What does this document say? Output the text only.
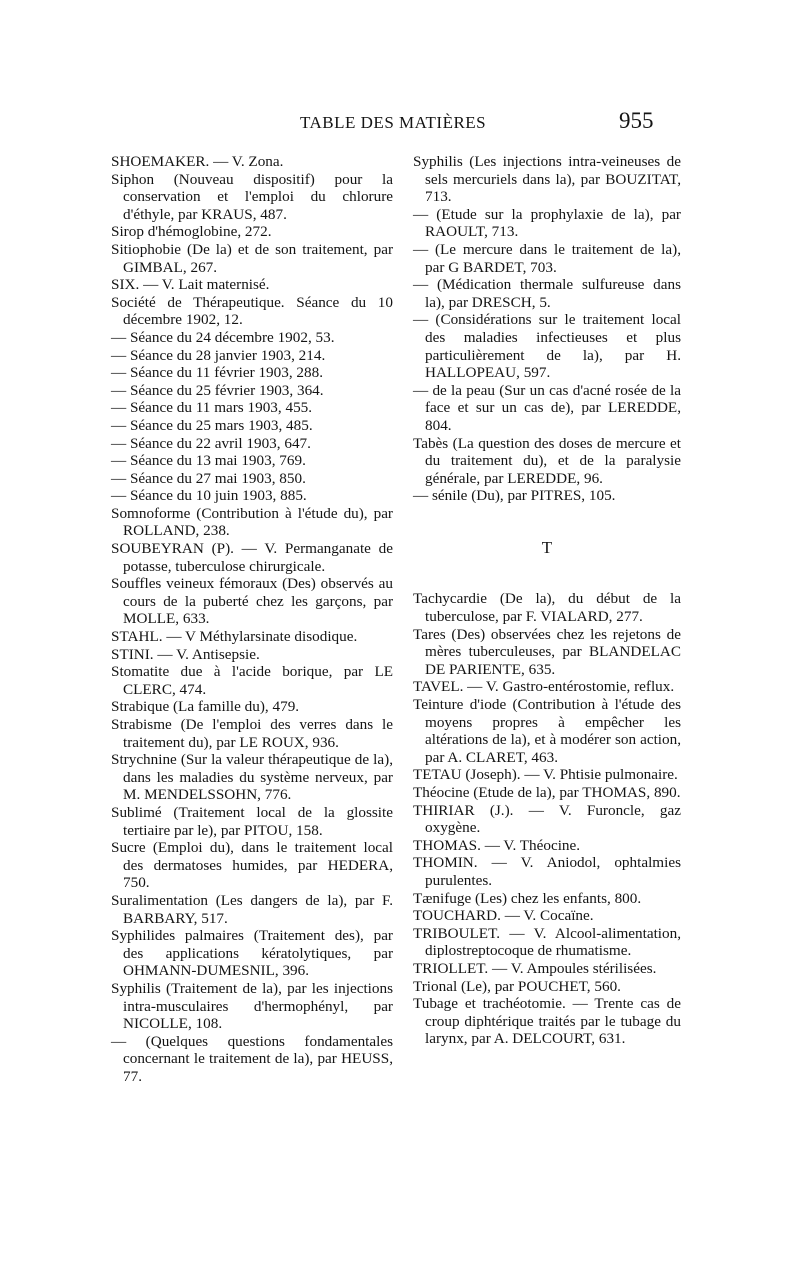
TABLE DES MATIÈRES	955

SHOEMAKER. — V. Zona.

Siphon (Nouveau dispositif) pour la conservation et l'emploi du chlorure d'éthyle, par KRAUS, 487.

Sirop d'hémoglobine, 272.

Sitiophobie (De la) et de son traitement, par GIMBAL, 267.

SIX. — V. Lait maternisé.

Société de Thérapeutique. Séance du 10 décembre 1902, 12.

— Séance du 24 décembre 1902, 53.

— Séance du 28 janvier 1903, 214.

— Séance du 11 février 1903, 288.

— Séance du 25 février 1903, 364.

— Séance du 11 mars 1903, 455.

— Séance du 25 mars 1903, 485.

— Séance du 22 avril 1903, 647.

— Séance du 13 mai 1903, 769.

— Séance du 27 mai 1903, 850.

— Séance du 10 juin 1903, 885.

Somnoforme (Contribution à l'étude du), par ROLLAND, 238.

SOUBEYRAN (P). — V. Permanganate de potasse, tuberculose chirurgicale.

Souffles veineux fémoraux (Des) observés au cours de la puberté chez les garçons, par MOLLE, 633.

STAHL. — V Méthylarsinate disodique.

STINI. — V. Antisepsie.

Stomatite due à l'acide borique, par LE CLERC, 474.

Strabique (La famille du), 479.

Strabisme (De l'emploi des verres dans le traitement du), par LE ROUX, 936.

Strychnine (Sur la valeur thérapeutique de la), dans les maladies du système nerveux, par M. MENDELSSOHN, 776.

Sublimé (Traitement local de la glossite tertiaire par le), par PITOU, 158.

Sucre (Emploi du), dans le traitement local des dermatoses humides, par HEDERA, 750.

Suralimentation (Les dangers de la), par F. BARBARY, 517.

Syphilides palmaires (Traitement des), par des applications kératolytiques, par OHMANN-DUMESNIL, 396.

Syphilis (Traitement de la), par les injections intra-musculaires d'hermophényl, par NICOLLE, 108.

— (Quelques questions fondamentales concernant le traitement de la), par HEUSS, 77.

Syphilis (Les injections intra-veineuses de sels mercuriels dans la), par BOUZITAT, 713.

— (Etude sur la prophylaxie de la), par RAOULT, 713.

— (Le mercure dans le traitement de la), par G BARDET, 703.

— (Médication thermale sulfureuse dans la), par DRESCH, 5.

— (Considérations sur le traitement local des maladies infectieuses et plus particulièrement de la), par H. HALLOPEAU, 597.

— de la peau (Sur un cas d'acné rosée de la face et sur un cas de), par LEREDDE, 804.

Tabès (La question des doses de mercure et du traitement du), et de la paralysie générale, par LEREDDE, 96.

— sénile (Du), par PITRES, 105.

T

Tachycardie (De la), du début de la tuberculose, par F. VIALARD, 277.

Tares (Des) observées chez les rejetons de mères tuberculeuses, par BLANDELAC DE PARIENTE, 635.

TAVEL. — V. Gastro-entérostomie, reflux.

Teinture d'iode (Contribution à l'étude des moyens propres à empêcher les altérations de la), et à modérer son action, par A. CLARET, 463.

TETAU (Joseph). — V. Phtisie pulmonaire.

Théocine (Etude de la), par THOMAS, 890.

THIRIAR (J.). — V. Furoncle, gaz oxygène.

THOMAS. — V. Théocine.

THOMIN. — V. Aniodol, ophtalmies purulentes.

Tænifuge (Les) chez les enfants, 800.

TOUCHARD. — V. Cocaïne.

TRIBOULET. — V. Alcool-alimentation, diplostreptocoque de rhumatisme.

TRIOLLET. — V. Ampoules stérilisées.

Trional (Le), par POUCHET, 560.

Tubage et trachéotomie. — Trente cas de croup diphtérique traités par le tubage du larynx, par A. DELCOURT, 631.
